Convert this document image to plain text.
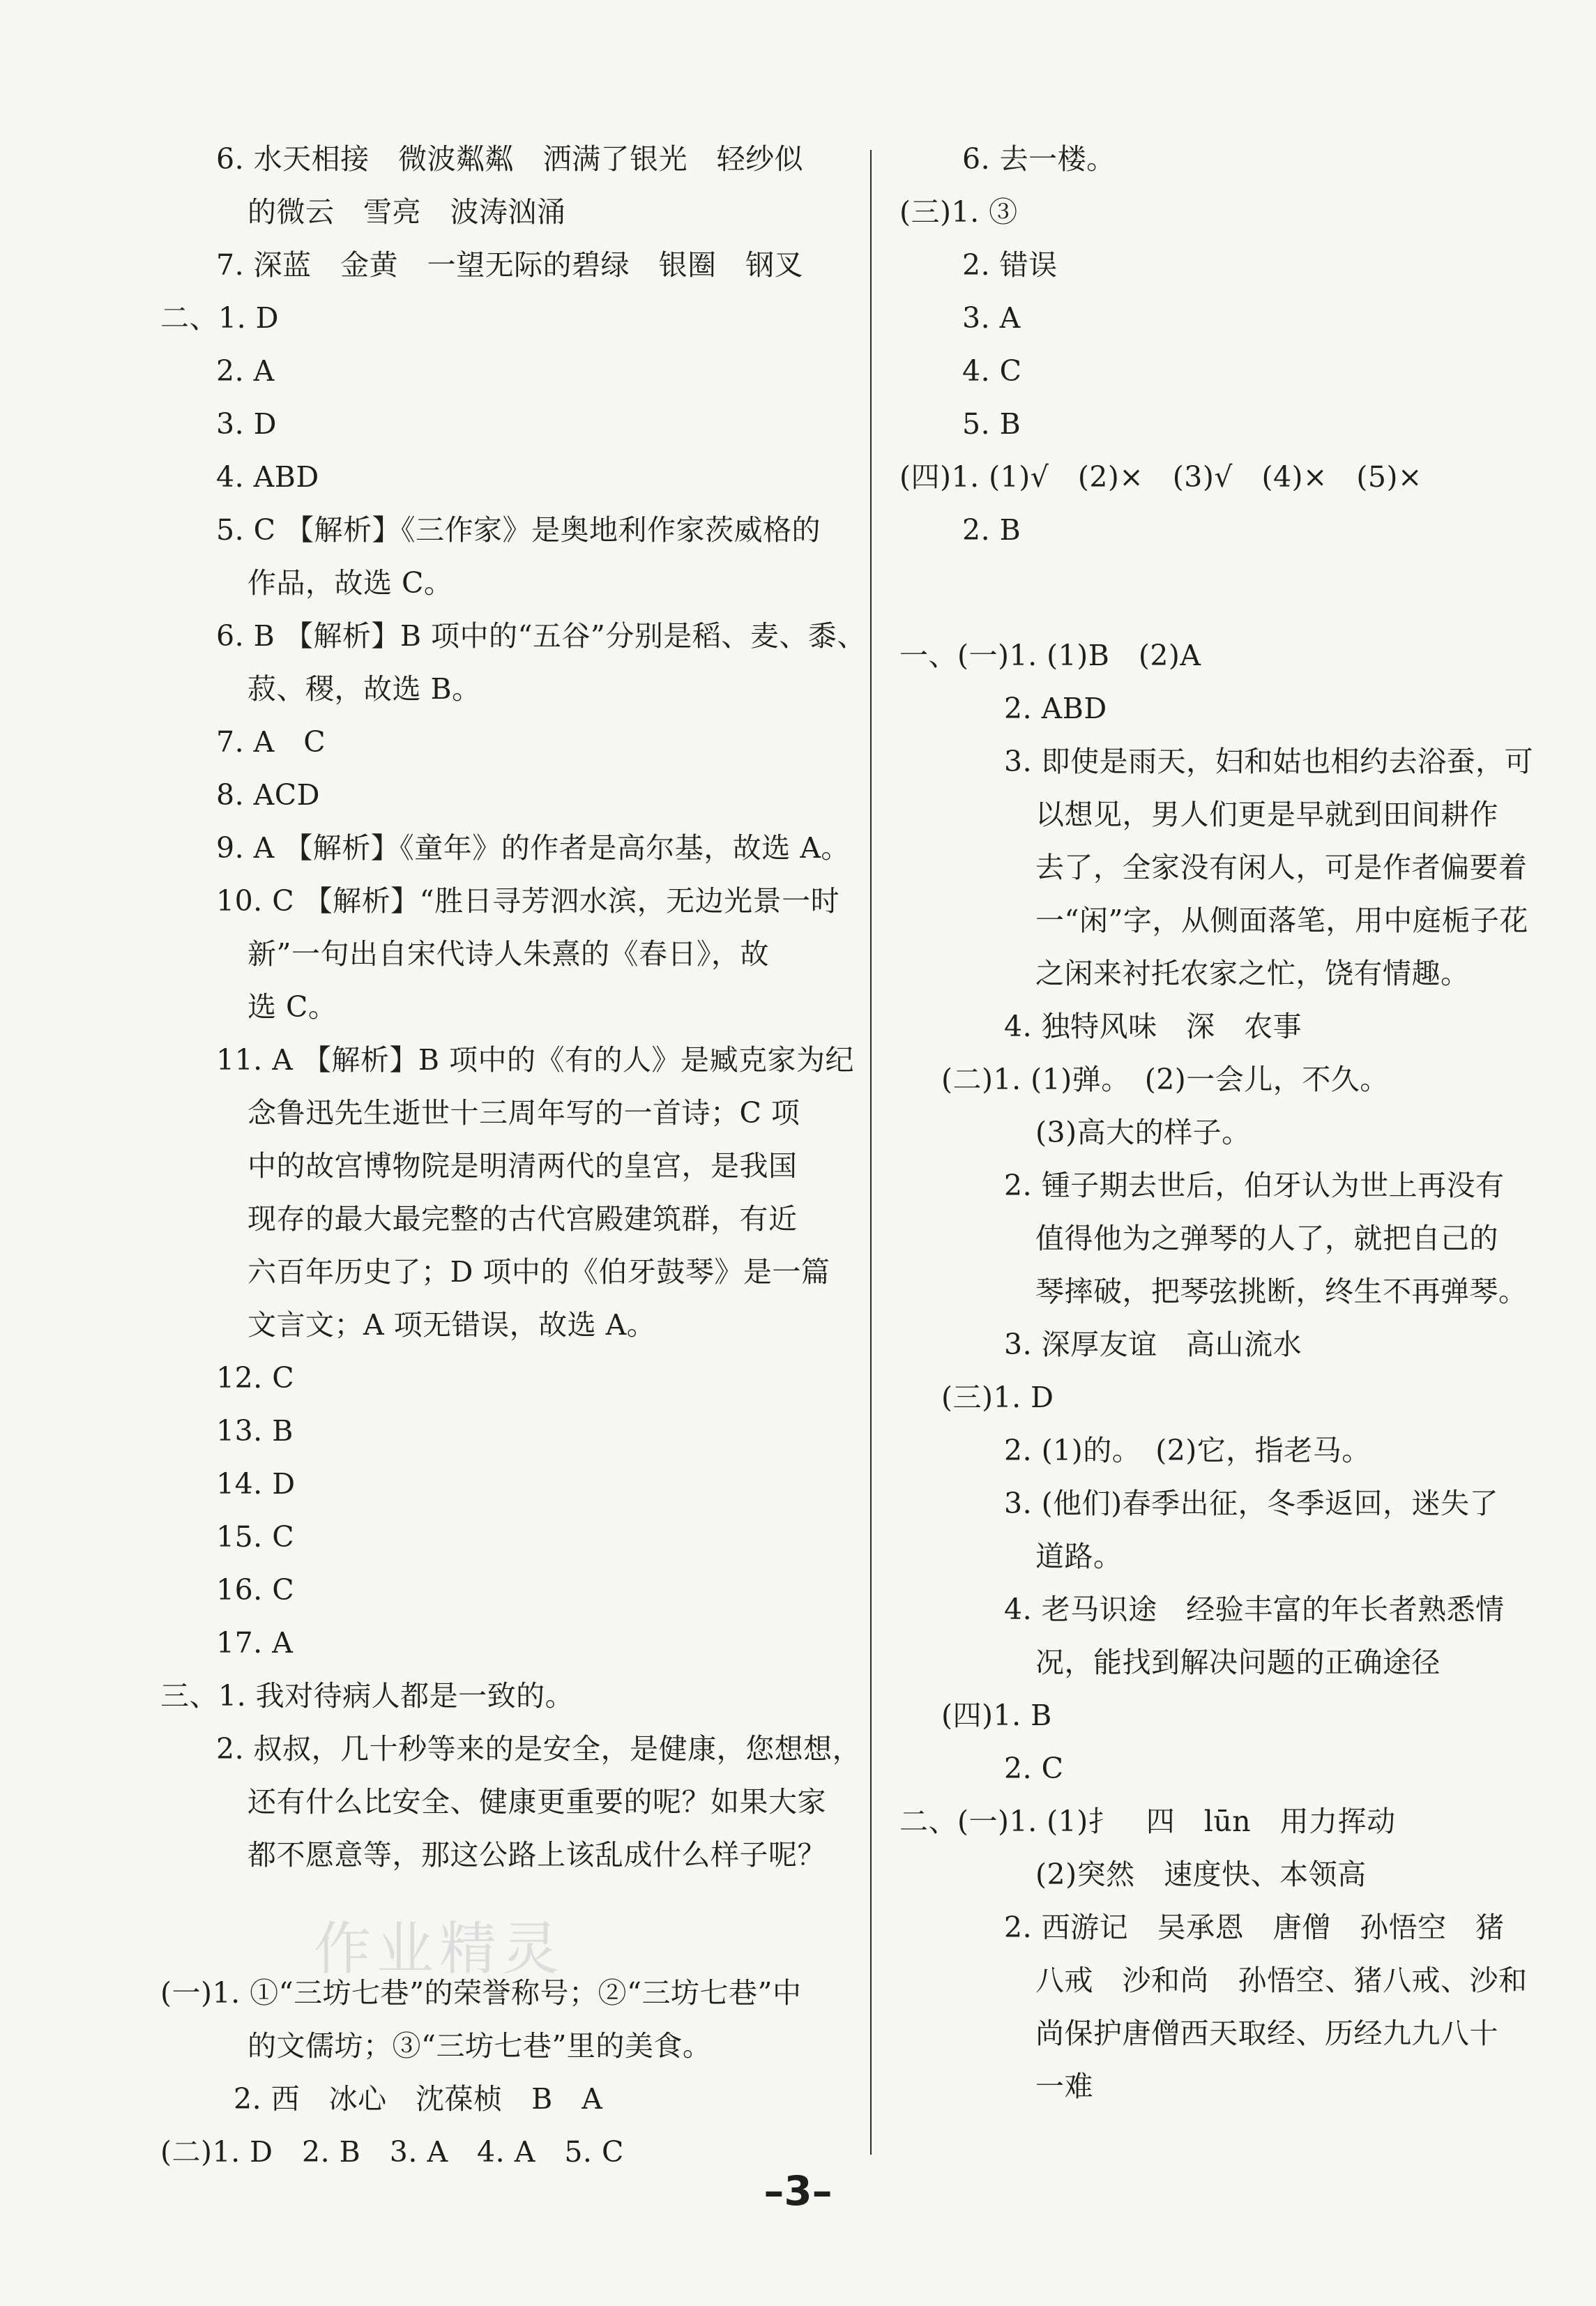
6. 水天相接　微波粼粼　洒满了银光　轻纱似
的微云　雪亮　波涛汹涌
7. 深蓝　金黄　一望无际的碧绿　银圈　钢叉
二、1. D
2. A
3. D
4. ABD
5. C 【解析】《三作家》是奥地利作家茨威格的
作品，故选 C。
6. B 【解析】B 项中的“五谷”分别是稻、麦、黍、
菽、稷，故选 B。
7. A　C
8. ACD
9. A 【解析】《童年》的作者是高尔基，故选 A。
10. C 【解析】“胜日寻芳泗水滨，无边光景一时
新”一句出自宋代诗人朱熹的《春日》，故
选 C。
11. A 【解析】B 项中的《有的人》是臧克家为纪
念鲁迅先生逝世十三周年写的一首诗；C 项
中的故宫博物院是明清两代的皇宫，是我国
现存的最大最完整的古代宫殿建筑群，有近
六百年历史了；D 项中的《伯牙鼓琴》是一篇
文言文；A 项无错误，故选 A。
12. C
13. B
14. D
15. C
16. C
17. A
三、1. 我对待病人都是一致的。
2. 叔叔，几十秒等来的是安全，是健康，您想想，
还有什么比安全、健康更重要的呢？如果大家
都不愿意等，那这公路上该乱成什么样子呢？
(一)1. ①“三坊七巷”的荣誉称号；②“三坊七巷”中
的文儒坊；③“三坊七巷”里的美食。
2. 西　冰心　沈葆桢　B　A
(二)1. D　2. B　3. A　4. A　5. C
6. 去一楼。
(三)1. ③
2. 错误
3. A
4. C
5. B
(四)1. (1)√　(2)×　(3)√　(4)×　(5)×
2. B
一、(一)1. (1)B　(2)A
2. ABD
3. 即使是雨天，妇和姑也相约去浴蚕，可
以想见，男人们更是早就到田间耕作
去了，全家没有闲人，可是作者偏要着
一“闲”字，从侧面落笔，用中庭栀子花
之闲来衬托农家之忙，饶有情趣。
4. 独特风味　深　农事
(二)1. (1)弹。　(2)一会儿，不久。
(3)高大的样子。
2. 锺子期去世后，伯牙认为世上再没有
值得他为之弹琴的人了，就把自己的
琴摔破，把琴弦挑断，终生不再弹琴。
3. 深厚友谊　高山流水
(三)1. D
2. (1)的。　(2)它，指老马。
3. (他们)春季出征，冬季返回，迷失了
道路。
4. 老马识途　经验丰富的年长者熟悉情
况，能找到解决问题的正确途径
(四)1. B
2. C
二、(一)1. (1)扌　四　lūn　用力挥动
(2)突然　速度快、本领高
2. 西游记　吴承恩　唐僧　孙悟空　猪
八戒　沙和尚　孙悟空、猪八戒、沙和
尚保护唐僧西天取经、历经九九八十
一难
作业精灵
–3–
